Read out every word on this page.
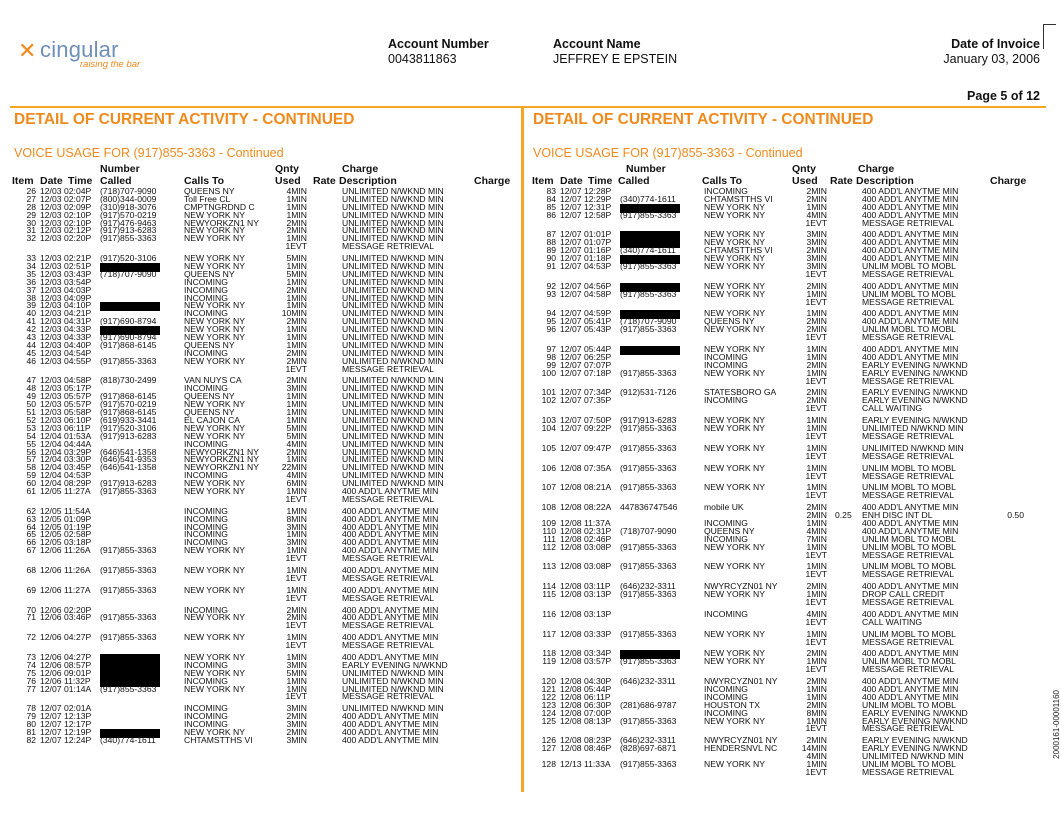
✕ cingular
raising the bar
Account Number
0043811863
Account Name
JEFFREY E EPSTEIN
Date of Invoice
January 03, 2006
Page 5 of 12
DETAIL OF CURRENT ACTIVITY - CONTINUED	DETAIL OF CURRENT ACTIVITY - CONTINUED
VOICE USAGE FOR (917)855-3363 - Continued	VOICE USAGE FOR (917)855-3363 - Continued
Number	Qnty	Charge
Item Date Time Called	Calls To	Used Rate Description	Charge
26 12/03 02:04P (718)707-9090	QUEENS NY	4MIN	UNLIMITED N/WKND MIN
27 12/03 02:07P (800)344-0009	Toll Free CL	1MIN	UNLIMITED N/WKND MIN
28 12/03 02:09P (310)918-3076	CMPTNGRDND C	1MIN	UNLIMITED N/WKND MIN
29 12/03 02:10P (917)570-0219	NEW YORK NY	1MIN	UNLIMITED N/WKND MIN
30 12/03 02:10P (917)476-9463	NEWYORKZN1 NY	2MIN	UNLIMITED N/WKND MIN
31 12/03 02:12P (917)913-6283	NEW YORK NY	2MIN	UNLIMITED N/WKND MIN
32 12/03 02:20P (917)855-3363	NEW YORK NY	1MIN	UNLIMITED N/WKND MIN
1EVT	MESSAGE RETRIEVAL
33 12/03 02:21P (917)520-3106	NEW YORK NY	5MIN	UNLIMITED N/WKND MIN
34 12/03 02:51P	NEW YORK NY	1MIN	UNLIMITED N/WKND MIN
35 12/03 03:43P (718)707-9090	QUEENS NY	5MIN	UNLIMITED N/WKND MIN
36 12/03 03:54P	INCOMING	1MIN	UNLIMITED N/WKND MIN
37 12/03 04:03P	INCOMING	2MIN	UNLIMITED N/WKND MIN
38 12/03 04:09P	INCOMING	1MIN	UNLIMITED N/WKND MIN
39 12/03 04:10P	NEW YORK NY	1MIN	UNLIMITED N/WKND MIN
40 12/03 04:21P	INCOMING	10MIN	UNLIMITED N/WKND MIN
41 12/03 04:31P (917)690-8794	NEW YORK NY	2MIN	UNLIMITED N/WKND MIN
42 12/03 04:33P	NEW YORK NY	1MIN	UNLIMITED N/WKND MIN
43 12/03 04:33P (917)690-8794	NEW YORK NY	1MIN	UNLIMITED N/WKND MIN
44 12/03 04:40P (917)868-6145	QUEENS NY	1MIN	UNLIMITED N/WKND MIN
45 12/03 04:54P	INCOMING	2MIN	UNLIMITED N/WKND MIN
46 12/03 04:55P (917)855-3363	NEW YORK NY	2MIN	UNLIMITED N/WKND MIN
1EVT	MESSAGE RETRIEVAL
47 12/03 04:58P (818)730-2499	VAN NUYS CA	2MIN	UNLIMITED N/WKND MIN
48 12/03 05:17P	INCOMING	3MIN	UNLIMITED N/WKND MIN
49 12/03 05:57P (917)868-6145	QUEENS NY	1MIN	UNLIMITED N/WKND MIN
50 12/03 05:57P (917)570-0219	NEW YORK NY	1MIN	UNLIMITED N/WKND MIN
51 12/03 05:58P (917)868-6145	QUEENS NY	1MIN	UNLIMITED N/WKND MIN
52 12/03 06:10P (619)933-3441	EL CAJON CA	1MIN	UNLIMITED N/WKND MIN
53 12/03 06:11P (917)520-3106	NEW YORK NY	5MIN	UNLIMITED N/WKND MIN
54 12/04 01:53A (917)913-6283	NEW YORK NY	5MIN	UNLIMITED N/WKND MIN
55 12/04 04:44A	INCOMING	4MIN	UNLIMITED N/WKND MIN
56 12/04 03:29P (646)541-1358	NEWYORKZN1 NY	2MIN	UNLIMITED N/WKND MIN
57 12/04 03:30P (646)541-9353	NEWYORKZN1 NY	1MIN	UNLIMITED N/WKND MIN
58 12/04 03:45P (646)541-1358	NEWYORKZN1 NY	22MIN	UNLIMITED N/WKND MIN
59 12/04 04:53P	INCOMING	4MIN	UNLIMITED N/WKND MIN
60 12/04 08:29P (917)913-6283	NEW YORK NY	6MIN	UNLIMITED N/WKND MIN
61 12/05 11:27A (917)855-3363	NEW YORK NY	1MIN	400 ADD'L ANYTME MIN
1EVT	MESSAGE RETRIEVAL
62 12/05 11:54A	INCOMING	1MIN	400 ADD'L ANYTME MIN
63 12/05 01:09P	INCOMING	8MIN	400 ADD'L ANYTME MIN
64 12/05 01:19P	INCOMING	3MIN	400 ADD'L ANYTME MIN
65 12/05 02:58P	INCOMING	1MIN	400 ADD'L ANYTME MIN
66 12/05 03:18P	INCOMING	3MIN	400 ADD'L ANYTME MIN
67 12/06 11:26A (917)855-3363	NEW YORK NY	1MIN	400 ADD'L ANYTME MIN
1EVT	MESSAGE RETRIEVAL
68 12/06 11:26A (917)855-3363	NEW YORK NY	1MIN	400 ADD'L ANYTME MIN
1EVT	MESSAGE RETRIEVAL
69 12/06 11:27A (917)855-3363	NEW YORK NY	1MIN	400 ADD'L ANYTME MIN
1EVT	MESSAGE RETRIEVAL
70 12/06 02:20P	INCOMING	2MIN	400 ADD'L ANYTME MIN
71 12/06 03:46P (917)855-3363	NEW YORK NY	2MIN	400 ADD'L ANYTME MIN
1EVT	MESSAGE RETRIEVAL
72 12/06 04:27P (917)855-3363	NEW YORK NY	1MIN	400 ADD'L ANYTME MIN
1EVT	MESSAGE RETRIEVAL
73 12/06 04:27P	NEW YORK NY	1MIN	400 ADD'L ANYTME MIN
74 12/06 08:57P	INCOMING	3MIN	EARLY EVENING N/WKND
75 12/06 09:01P	NEW YORK NY	5MIN	UNLIMITED N/WKND MIN
76 12/06 11:32P	INCOMING	1MIN	UNLIMITED N/WKND MIN
77 12/07 01:14A (917)855-3363	NEW YORK NY	1MIN	UNLIMITED N/WKND MIN
1EVT	MESSAGE RETRIEVAL
78 12/07 02:01A	INCOMING	3MIN	UNLIMITED N/WKND MIN
79 12/07 12:13P	INCOMING	2MIN	400 ADD'L ANYTME MIN
80 12/07 12:17P	INCOMING	3MIN	400 ADD'L ANYTME MIN
81 12/07 12:19P	NEW YORK NY	2MIN	400 ADD'L ANYTME MIN
82 12/07 12:24P (340)774-1611	CHTAMSTTHS VI	3MIN	400 ADD'L ANYTME MIN
Number	Qnty	Charge
Item Date Time Called	Calls To	Used Rate Description	Charge
83 12/07 12:28P	INCOMING	2MIN	400 ADD'L ANYTME MIN
84 12/07 12:29P (340)774-1611	CHTAMSTTHS VI	2MIN	400 ADD'L ANYTME MIN
85 12/07 12:31P	NEW YORK NY	1MIN	400 ADD'L ANYTME MIN
86 12/07 12:58P (917)855-3363	NEW YORK NY	4MIN	400 ADD'L ANYTME MIN
1EVT	MESSAGE RETRIEVAL
87 12/07 01:01P	NEW YORK NY	3MIN	400 ADD'L ANYTME MIN
88 12/07 01:07P	NEW YORK NY	3MIN	400 ADD'L ANYTME MIN
89 12/07 01:16P (340)774-1611	CHTAMSTTHS VI	2MIN	400 ADD'L ANYTME MIN
90 12/07 01:18P	NEW YORK NY	3MIN	400 ADD'L ANYTME MIN
91 12/07 04:53P (917)855-3363	NEW YORK NY	3MIN	UNLIM MOBL TO MOBL
1EVT	MESSAGE RETRIEVAL
92 12/07 04:56P	NEW YORK NY	2MIN	400 ADD'L ANYTME MIN
93 12/07 04:58P (917)855-3363	NEW YORK NY	1MIN	UNLIM MOBL TO MOBL
1EVT	MESSAGE RETRIEVAL
94 12/07 04:59P	NEW YORK NY	1MIN	400 ADD'L ANYTME MIN
95 12/07 05:41P (718)707-9090	QUEENS NY	2MIN	400 ADD'L ANYTME MIN
96 12/07 05:43P (917)855-3363	NEW YORK NY	2MIN	UNLIM MOBL TO MOBL
1EVT	MESSAGE RETRIEVAL
97 12/07 05:44P	NEW YORK NY	1MIN	400 ADD'L ANYTME MIN
98 12/07 06:25P	INCOMING	1MIN	400 ADD'L ANYTME MIN
99 12/07 07:07P	INCOMING	2MIN	EARLY EVENING N/WKND
100 12/07 07:18P (917)855-3363	NEW YORK NY	1MIN	EARLY EVENING N/WKND
1EVT	MESSAGE RETRIEVAL
101 12/07 07:34P (912)531-7126	STATESBORO GA	2MIN	EARLY EVENING N/WKND
102 12/07 07:35P	INCOMING	2MIN	EARLY EVENING N/WKND
1EVT	CALL WAITING
103 12/07 07:50P (917)913-6283	NEW YORK NY	1MIN	EARLY EVENING N/WKND
104 12/07 09:22P (917)855-3363	NEW YORK NY	1MIN	UNLIMITED N/WKND MIN
1EVT	MESSAGE RETRIEVAL
105 12/07 09:47P (917)855-3363	NEW YORK NY	1MIN	UNLIMITED N/WKND MIN
1EVT	MESSAGE RETRIEVAL
106 12/08 07:35A (917)855-3363	NEW YORK NY	1MIN	UNLIM MOBL TO MOBL
1EVT	MESSAGE RETRIEVAL
107 12/08 08:21A (917)855-3363	NEW YORK NY	1MIN	UNLIM MOBL TO MOBL
1EVT	MESSAGE RETRIEVAL
108 12/08 08:22A 447836747546	mobile UK	2MIN	400 ADD'L ANYTME MIN
2MIN 0.25 ENH DISC INT DL	0.50
109 12/08 11:37A	INCOMING	1MIN	400 ADD'L ANYTME MIN
110 12/08 02:31P (718)707-9090	QUEENS NY	4MIN	400 ADD'L ANYTME MIN
111 12/08 02:46P	INCOMING	7MIN	UNLIM MOBL TO MOBL
112 12/08 03:08P (917)855-3363	NEW YORK NY	1MIN	UNLIM MOBL TO MOBL
1EVT	MESSAGE RETRIEVAL
113 12/08 03:08P (917)855-3363	NEW YORK NY	1MIN	UNLIM MOBL TO MOBL
1EVT	MESSAGE RETRIEVAL
114 12/08 03:11P (646)232-3311	NWYRCYZN01 NY	2MIN	400 ADD'L ANYTME MIN
115 12/08 03:13P (917)855-3363	NEW YORK NY	1MIN	DROP CALL CREDIT
1EVT	MESSAGE RETRIEVAL
116 12/08 03:13P	INCOMING	4MIN	400 ADD'L ANYTME MIN
1EVT	CALL WAITING
117 12/08 03:33P (917)855-3363	NEW YORK NY	1MIN	UNLIM MOBL TO MOBL
1EVT	MESSAGE RETRIEVAL
118 12/08 03:34P	NEW YORK NY	2MIN	400 ADD'L ANYTME MIN
119 12/08 03:57P (917)855-3363	NEW YORK NY	1MIN	UNLIM MOBL TO MOBL
1EVT	MESSAGE RETRIEVAL
120 12/08 04:30P (646)232-3311	NWYRCYZN01 NY	2MIN	400 ADD'L ANYTME MIN
121 12/08 05:44P	INCOMING	1MIN	400 ADD'L ANYTME MIN
122 12/08 06:11P	INCOMING	1MIN	400 ADD'L ANYTME MIN
123 12/08 06:30P (281)686-9787	HOUSTON TX	2MIN	UNLIM MOBL TO MOBL
124 12/08 07:00P	INCOMING	8MIN	EARLY EVENING N/WKND
125 12/08 08:13P (917)855-3363	NEW YORK NY	1MIN	EARLY EVENING N/WKND
1EVT	MESSAGE RETRIEVAL
126 12/08 08:23P (646)232-3311	NWYRCYZN01 NY	2MIN	EARLY EVENING N/WKND
127 12/08 08:46P (828)697-6871	HENDERSNVL NC	14MIN	EARLY EVENING N/WKND
4MIN	UNLIMITED N/WKND MIN
128 12/13 11:33A (917)855-3363	NEW YORK NY	1MIN	UNLIM MOBL TO MOBL
1EVT	MESSAGE RETRIEVAL
2000161-00001160
